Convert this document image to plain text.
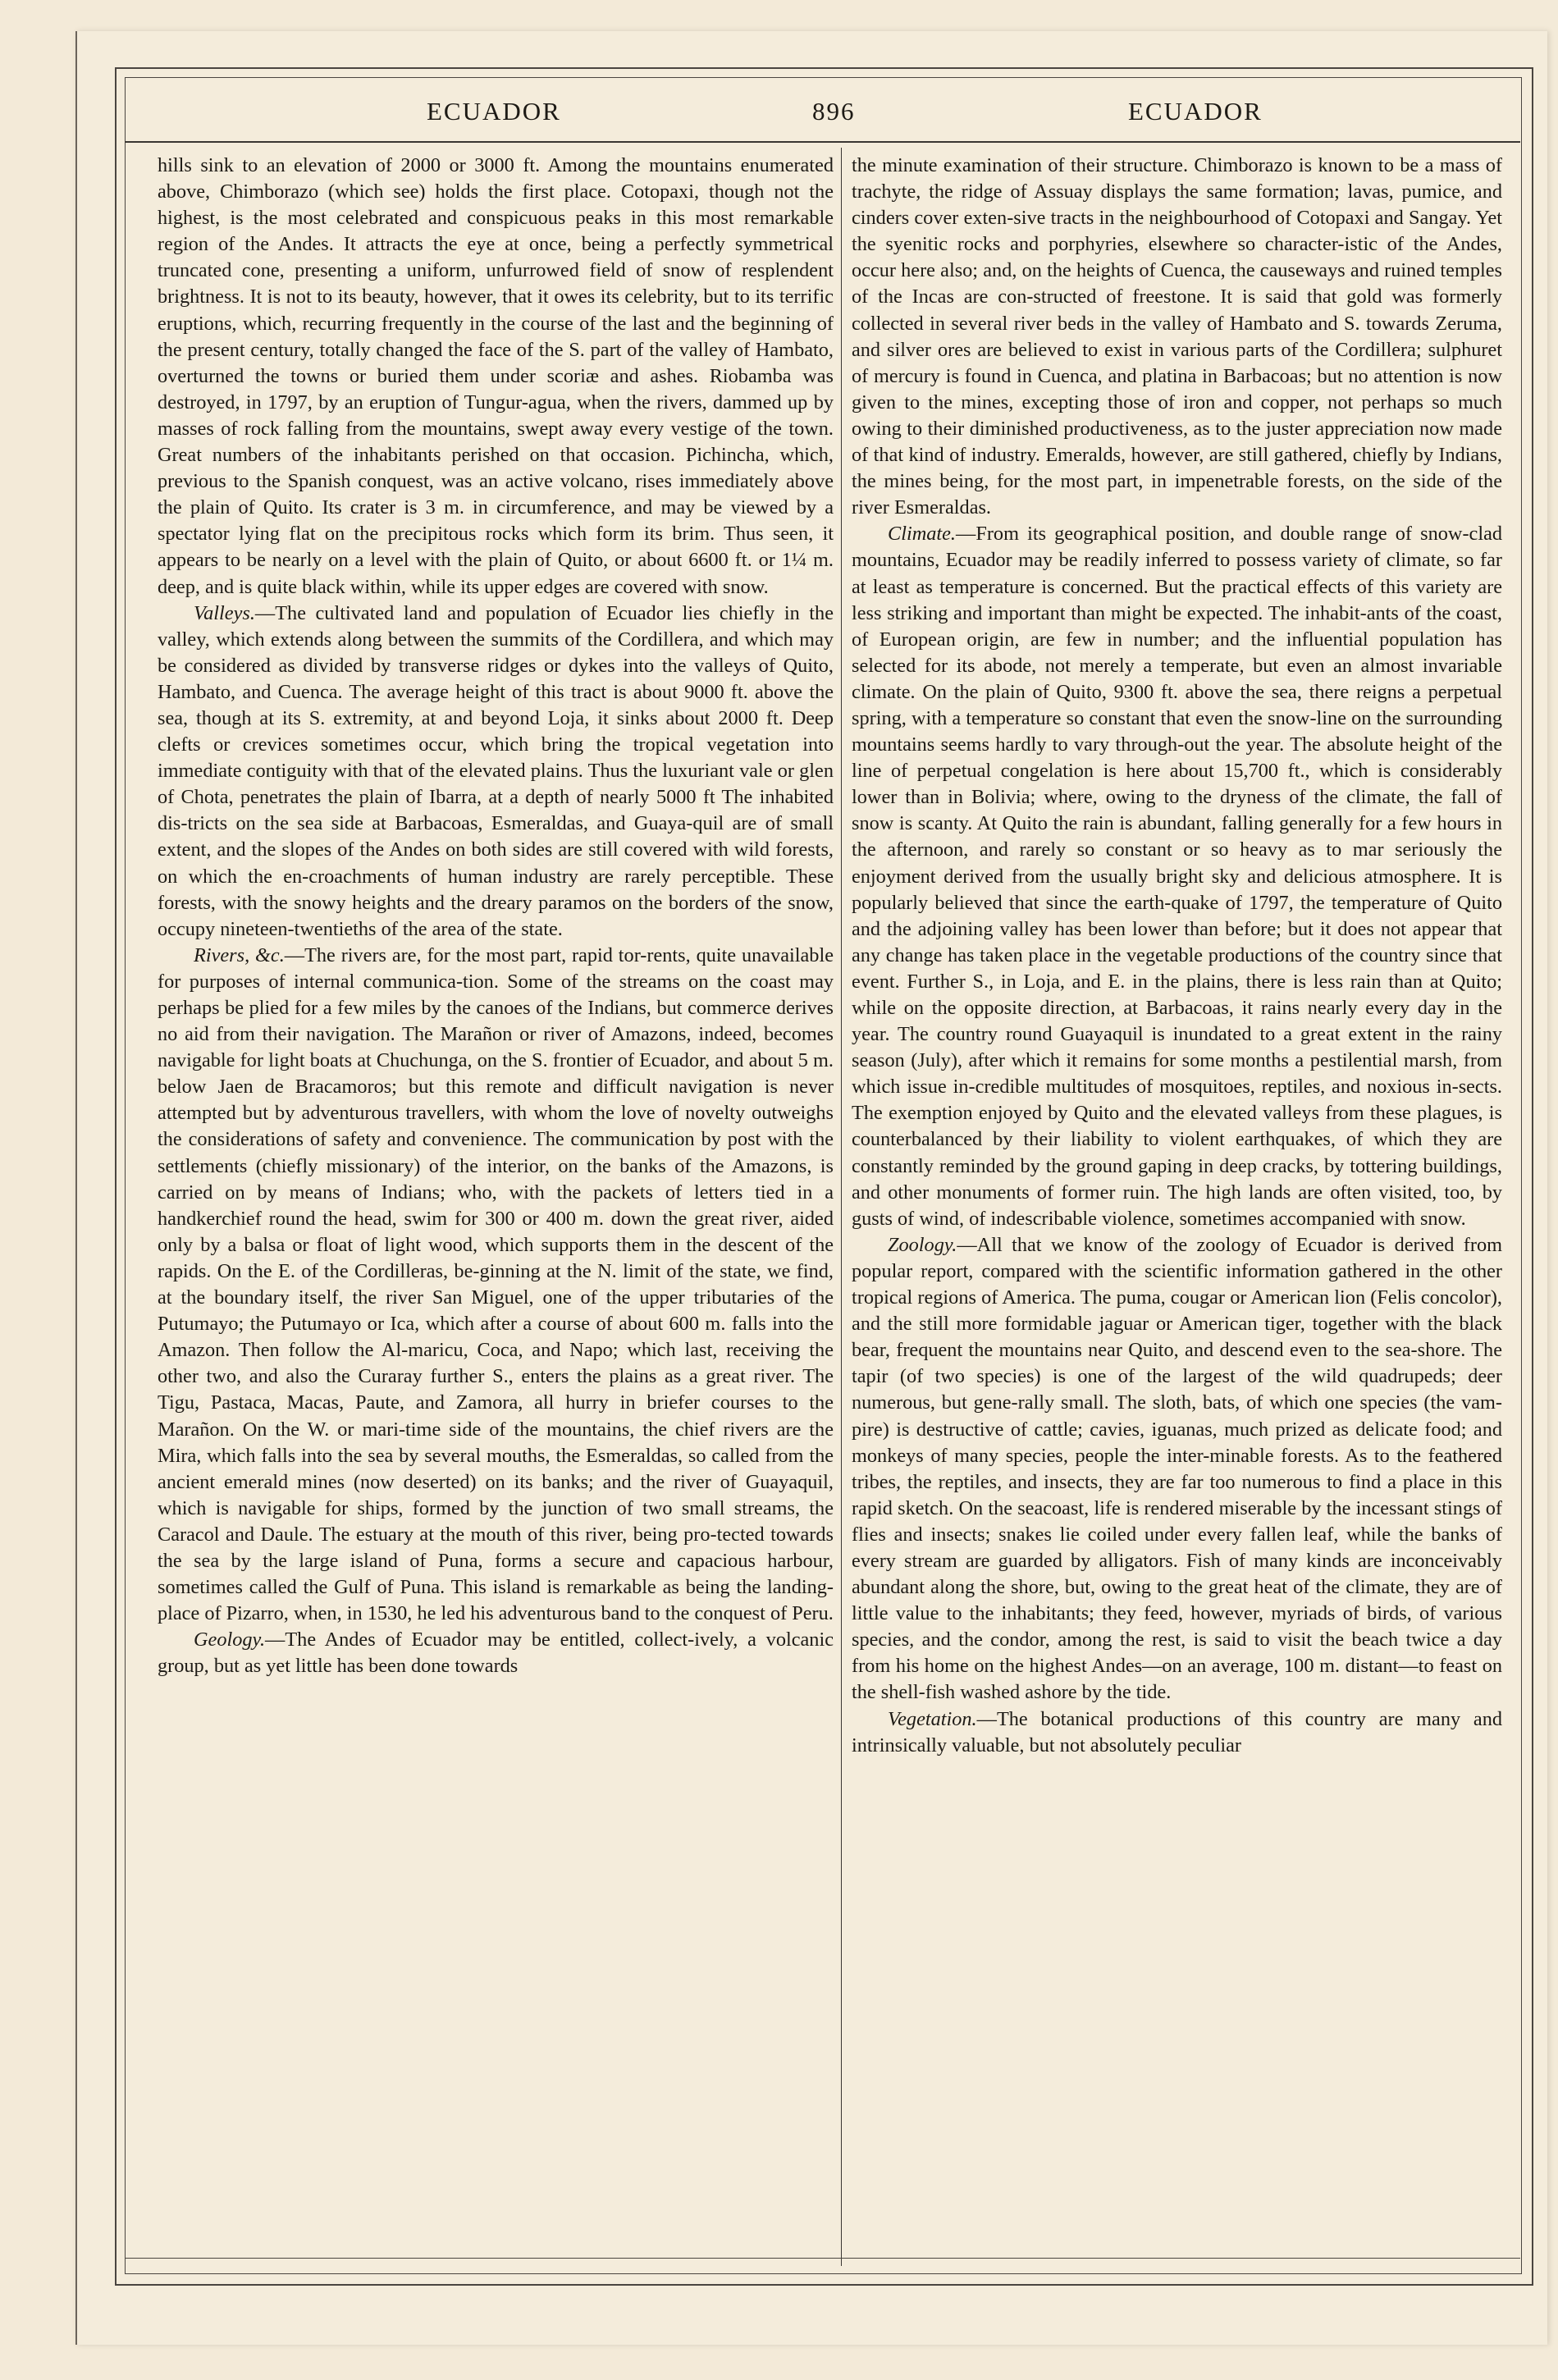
ECUADOR	896	ECUADOR

hills sink to an elevation of 2000 or 3000 ft. Among the mountains enumerated above, Chimborazo (which see) holds the first place. Cotopaxi, though not the highest, is the most celebrated and conspicuous peaks in this most remarkable region of the Andes. It attracts the eye at once, being a perfectly symmetrical truncated cone, presenting a uniform, unfurrowed field of snow of resplendent brightness. It is not to its beauty, however, that it owes its celebrity, but to its terrific eruptions, which, recurring frequently in the course of the last and the beginning of the present century, totally changed the face of the S. part of the valley of Hambato, overturned the towns or buried them under scoriæ and ashes. Riobamba was destroyed, in 1797, by an eruption of Tungur-agua, when the rivers, dammed up by masses of rock falling from the mountains, swept away every vestige of the town. Great numbers of the inhabitants perished on that occasion. Pichincha, which, previous to the Spanish conquest, was an active volcano, rises immediately above the plain of Quito. Its crater is 3 m. in circumference, and may be viewed by a spectator lying flat on the precipitous rocks which form its brim. Thus seen, it appears to be nearly on a level with the plain of Quito, or about 6600 ft. or 1¼ m. deep, and is quite black within, while its upper edges are covered with snow.

Valleys.—The cultivated land and population of Ecuador lies chiefly in the valley, which extends along between the summits of the Cordillera, and which may be considered as divided by transverse ridges or dykes into the valleys of Quito, Hambato, and Cuenca. The average height of this tract is about 9000 ft. above the sea, though at its S. extremity, at and beyond Loja, it sinks about 2000 ft. Deep clefts or crevices sometimes occur, which bring the tropical vegetation into immediate contiguity with that of the elevated plains. Thus the luxuriant vale or glen of Chota, penetrates the plain of Ibarra, at a depth of nearly 5000 ft The inhabited dis-tricts on the sea side at Barbacoas, Esmeraldas, and Guaya-quil are of small extent, and the slopes of the Andes on both sides are still covered with wild forests, on which the en-croachments of human industry are rarely perceptible. These forests, with the snowy heights and the dreary paramos on the borders of the snow, occupy nineteen-twentieths of the area of the state.

Rivers, &c.—The rivers are, for the most part, rapid tor-rents, quite unavailable for purposes of internal communica-tion. Some of the streams on the coast may perhaps be plied for a few miles by the canoes of the Indians, but commerce derives no aid from their navigation. The Marañon or river of Amazons, indeed, becomes navigable for light boats at Chuchunga, on the S. frontier of Ecuador, and about 5 m. below Jaen de Bracamoros; but this remote and difficult navigation is never attempted but by adventurous travellers, with whom the love of novelty outweighs the considerations of safety and convenience. The communication by post with the settlements (chiefly missionary) of the interior, on the banks of the Amazons, is carried on by means of Indians; who, with the packets of letters tied in a handkerchief round the head, swim for 300 or 400 m. down the great river, aided only by a balsa or float of light wood, which supports them in the descent of the rapids. On the E. of the Cordilleras, be-ginning at the N. limit of the state, we find, at the boundary itself, the river San Miguel, one of the upper tributaries of the Putumayo; the Putumayo or Ica, which after a course of about 600 m. falls into the Amazon. Then follow the Al-maricu, Coca, and Napo; which last, receiving the other two, and also the Curaray further S., enters the plains as a great river. The Tigu, Pastaca, Macas, Paute, and Zamora, all hurry in briefer courses to the Marañon. On the W. or mari-time side of the mountains, the chief rivers are the Mira, which falls into the sea by several mouths, the Esmeraldas, so called from the ancient emerald mines (now deserted) on its banks; and the river of Guayaquil, which is navigable for ships, formed by the junction of two small streams, the Caracol and Daule. The estuary at the mouth of this river, being pro-tected towards the sea by the large island of Puna, forms a secure and capacious harbour, sometimes called the Gulf of Puna. This island is remarkable as being the landing-place of Pizarro, when, in 1530, he led his adventurous band to the conquest of Peru.

Geology.—The Andes of Ecuador may be entitled, collect-ively, a volcanic group, but as yet little has been done towards

the minute examination of their structure. Chimborazo is known to be a mass of trachyte, the ridge of Assuay displays the same formation; lavas, pumice, and cinders cover exten-sive tracts in the neighbourhood of Cotopaxi and Sangay. Yet the syenitic rocks and porphyries, elsewhere so character-istic of the Andes, occur here also; and, on the heights of Cuenca, the causeways and ruined temples of the Incas are con-structed of freestone. It is said that gold was formerly collected in several river beds in the valley of Hambato and S. towards Zeruma, and silver ores are believed to exist in various parts of the Cordillera; sulphuret of mercury is found in Cuenca, and platina in Barbacoas; but no attention is now given to the mines, excepting those of iron and copper, not perhaps so much owing to their diminished productiveness, as to the juster appreciation now made of that kind of industry. Emeralds, however, are still gathered, chiefly by Indians, the mines being, for the most part, in impenetrable forests, on the side of the river Esmeraldas.

Climate.—From its geographical position, and double range of snow-clad mountains, Ecuador may be readily inferred to possess variety of climate, so far at least as temperature is concerned. But the practical effects of this variety are less striking and important than might be expected. The inhabit-ants of the coast, of European origin, are few in number; and the influential population has selected for its abode, not merely a temperate, but even an almost invariable climate. On the plain of Quito, 9300 ft. above the sea, there reigns a perpetual spring, with a temperature so constant that even the snow-line on the surrounding mountains seems hardly to vary through-out the year. The absolute height of the line of perpetual congelation is here about 15,700 ft., which is considerably lower than in Bolivia; where, owing to the dryness of the climate, the fall of snow is scanty. At Quito the rain is abundant, falling generally for a few hours in the afternoon, and rarely so constant or so heavy as to mar seriously the enjoyment derived from the usually bright sky and delicious atmosphere. It is popularly believed that since the earth-quake of 1797, the temperature of Quito and the adjoining valley has been lower than before; but it does not appear that any change has taken place in the vegetable productions of the country since that event. Further S., in Loja, and E. in the plains, there is less rain than at Quito; while on the opposite direction, at Barbacoas, it rains nearly every day in the year. The country round Guayaquil is inundated to a great extent in the rainy season (July), after which it remains for some months a pestilential marsh, from which issue in-credible multitudes of mosquitoes, reptiles, and noxious in-sects. The exemption enjoyed by Quito and the elevated valleys from these plagues, is counterbalanced by their liability to violent earthquakes, of which they are constantly reminded by the ground gaping in deep cracks, by tottering buildings, and other monuments of former ruin. The high lands are often visited, too, by gusts of wind, of indescribable violence, sometimes accompanied with snow.

Zoology.—All that we know of the zoology of Ecuador is derived from popular report, compared with the scientific information gathered in the other tropical regions of America. The puma, cougar or American lion (Felis concolor), and the still more formidable jaguar or American tiger, together with the black bear, frequent the mountains near Quito, and descend even to the sea-shore. The tapir (of two species) is one of the largest of the wild quadrupeds; deer numerous, but gene-rally small. The sloth, bats, of which one species (the vam-pire) is destructive of cattle; cavies, iguanas, much prized as delicate food; and monkeys of many species, people the inter-minable forests. As to the feathered tribes, the reptiles, and insects, they are far too numerous to find a place in this rapid sketch. On the seacoast, life is rendered miserable by the incessant stings of flies and insects; snakes lie coiled under every fallen leaf, while the banks of every stream are guarded by alligators. Fish of many kinds are inconceivably abundant along the shore, but, owing to the great heat of the climate, they are of little value to the inhabitants; they feed, however, myriads of birds, of various species, and the condor, among the rest, is said to visit the beach twice a day from his home on the highest Andes—on an average, 100 m. distant—to feast on the shell-fish washed ashore by the tide.

Vegetation.—The botanical productions of this country are many and intrinsically valuable, but not absolutely peculiar
